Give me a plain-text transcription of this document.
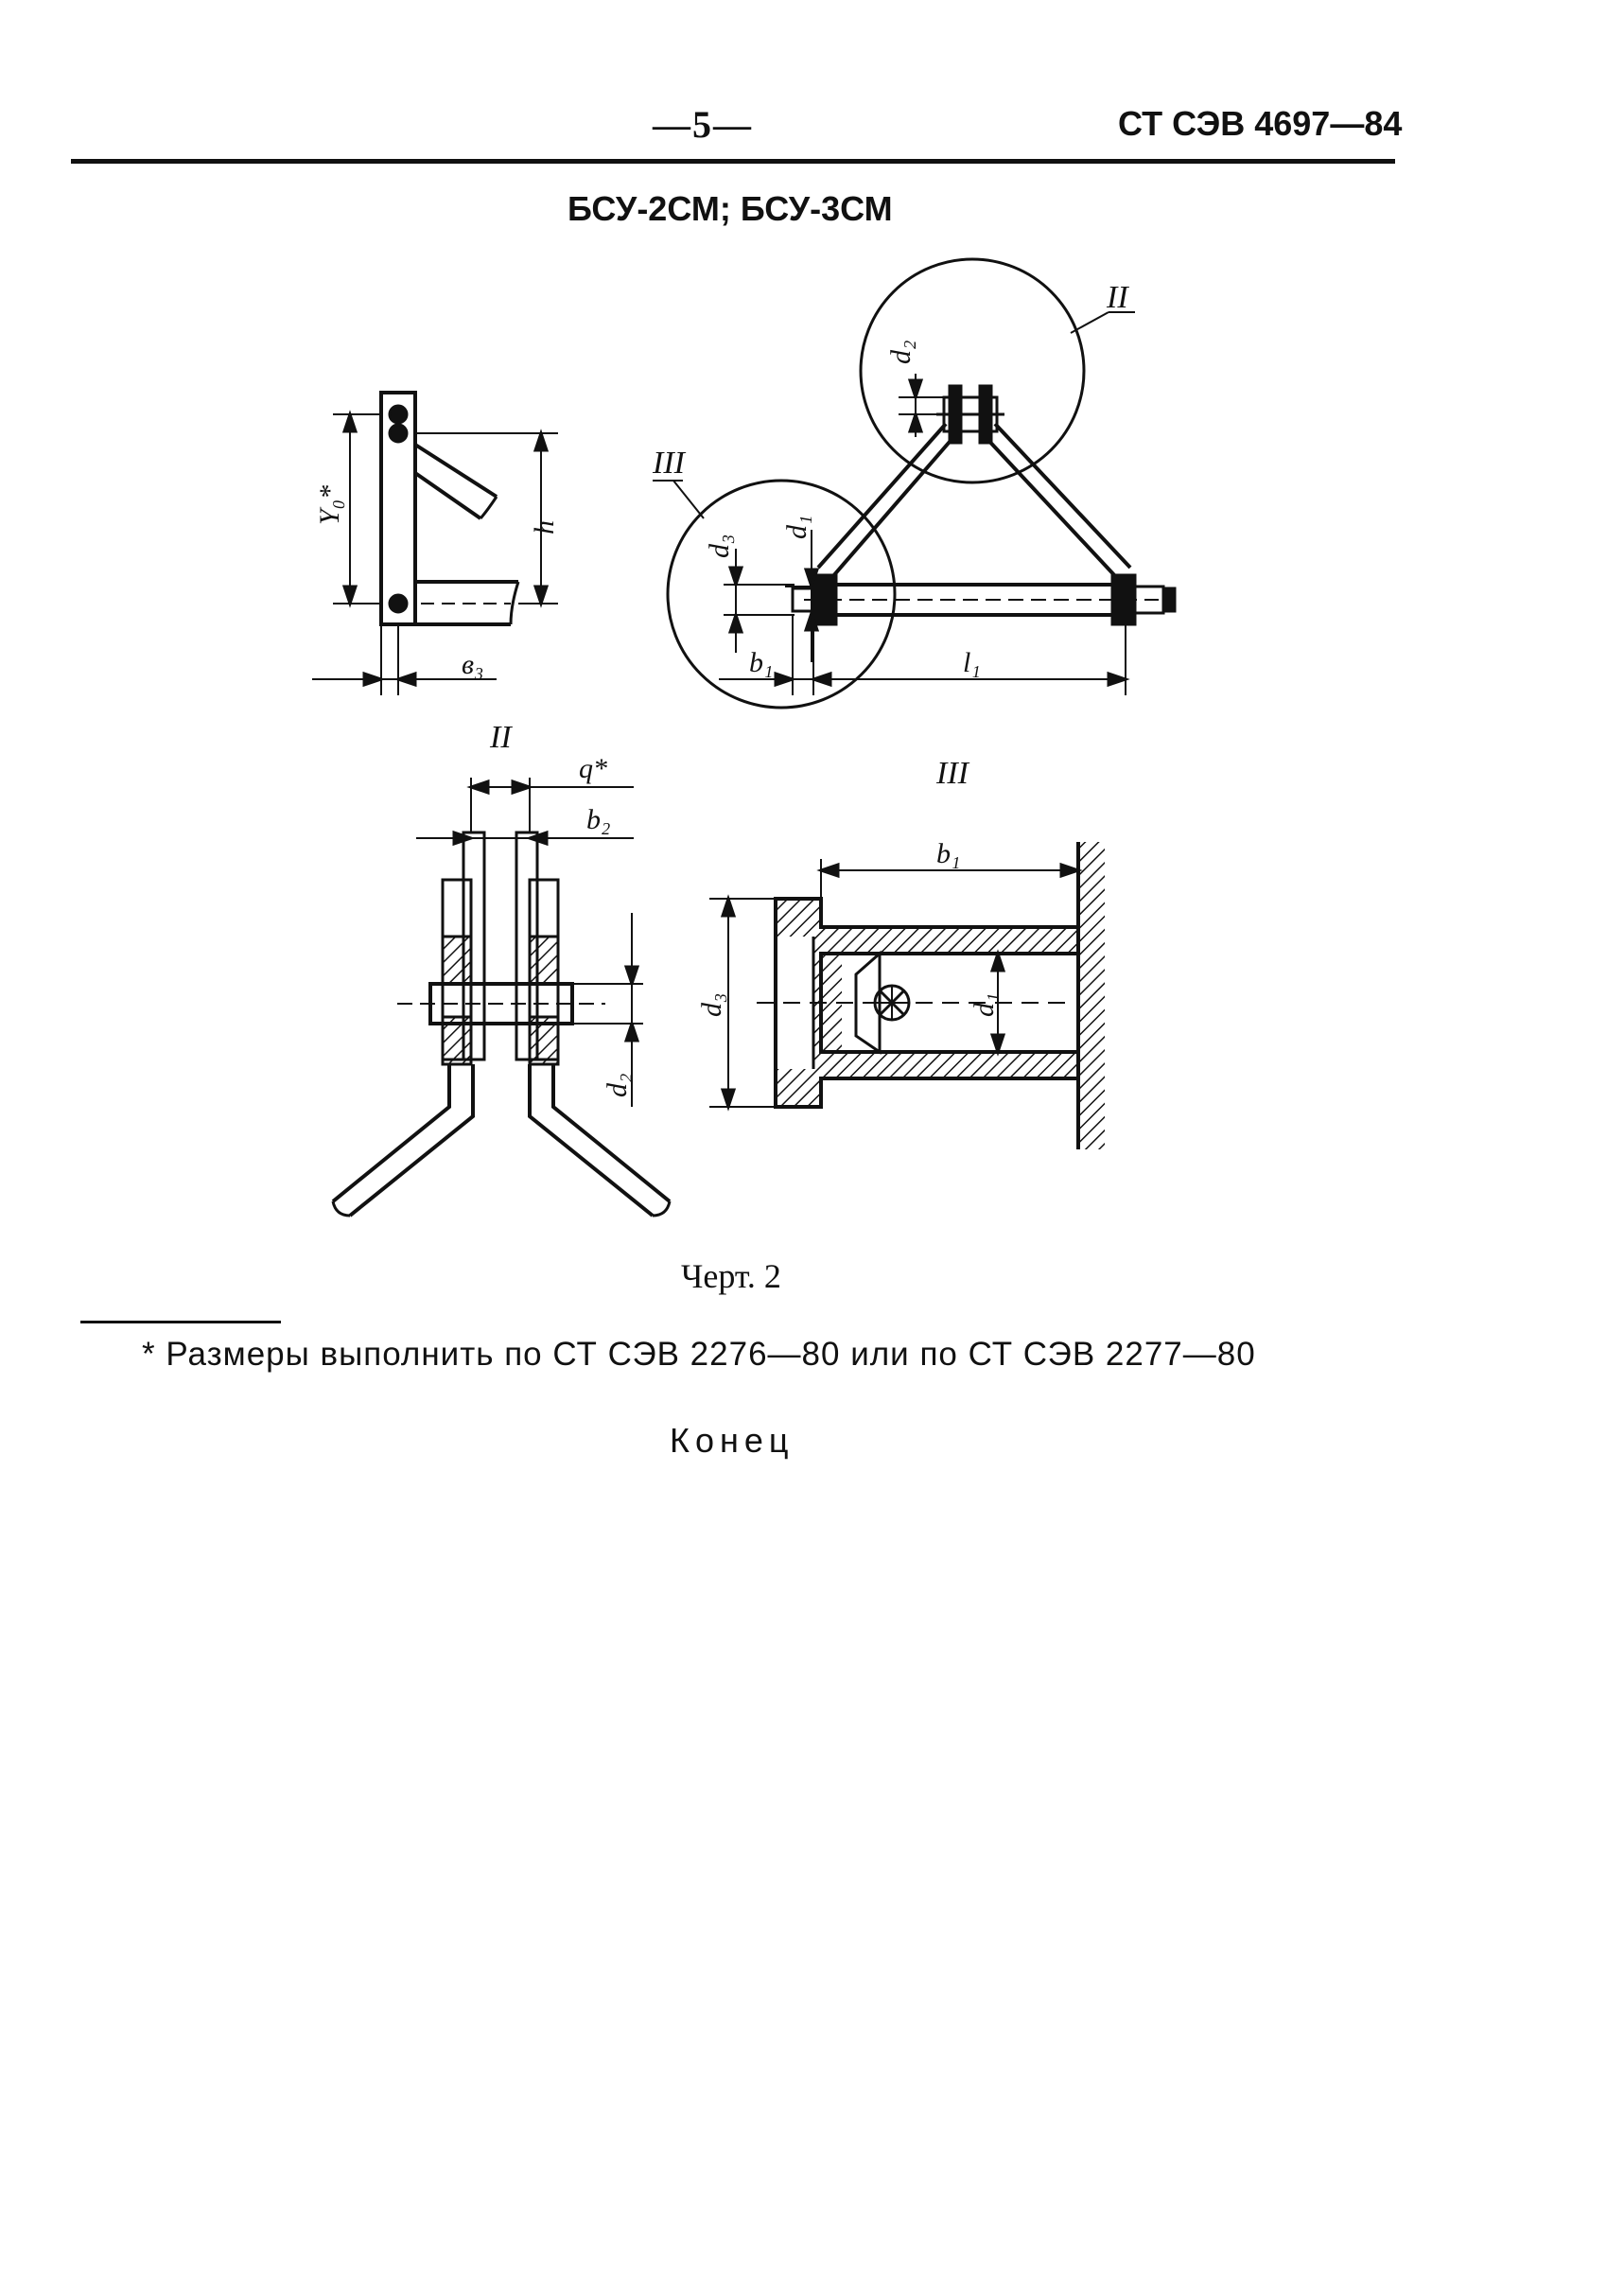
—5—	СТ СЭВ 4697—84
БСУ-2СМ; БСУ-3СМ
Y₀*
h
в₃
II
III
d₂
d₁
d₃
b₁	l₁
II
q*
b₂
d₂
III
b₁
d₃	d₁
Черт. 2
* Размеры выполнить по СТ СЭВ 2276—80 или по СТ СЭВ 2277—80
Конец
